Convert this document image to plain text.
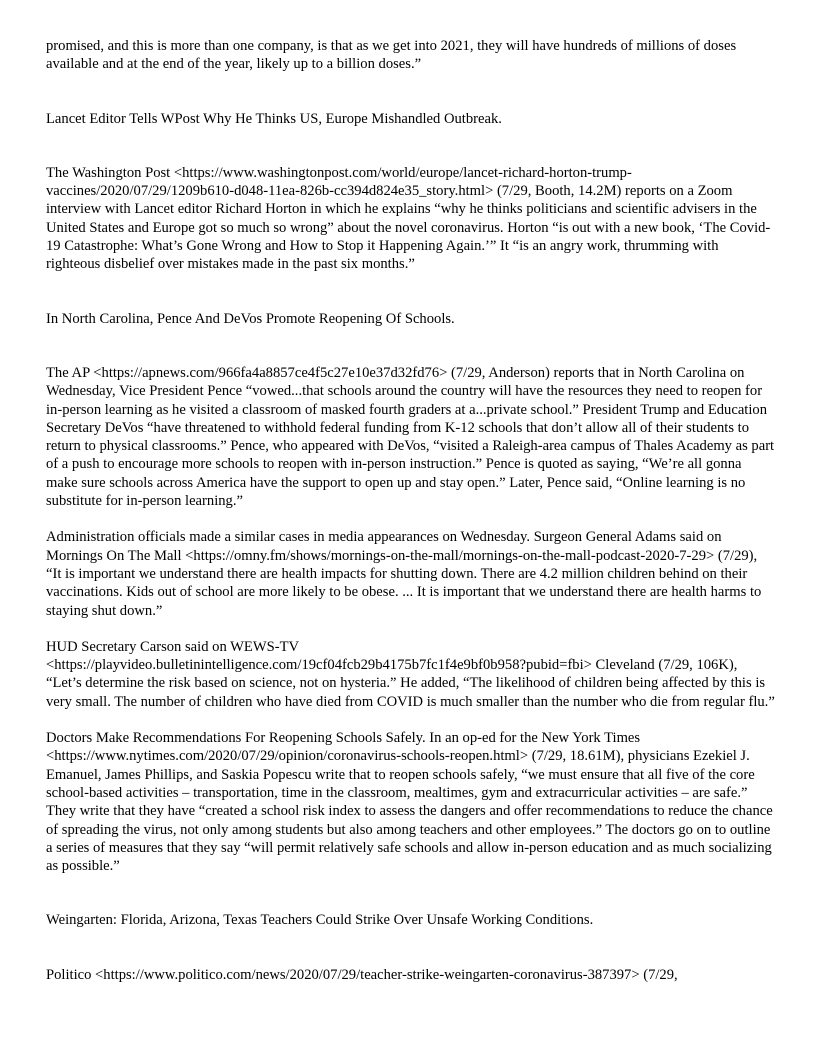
promised, and this is more than one company, is that as we get into 2021, they will have hundreds of millions of doses available and at the end of the year, likely up to a billion doses.”

Lancet Editor Tells WPost Why He Thinks US, Europe Mishandled Outbreak.

The Washington Post <https://www.washingtonpost.com/world/europe/lancet-richard-horton-trump-vaccines/2020/07/29/1209b610-d048-11ea-826b-cc394d824e35_story.html> (7/29, Booth, 14.2M) reports on a Zoom interview with Lancet editor Richard Horton in which he explains “why he thinks politicians and scientific advisers in the United States and Europe got so much so wrong” about the novel coronavirus. Horton “is out with a new book, ‘The Covid-19 Catastrophe: What’s Gone Wrong and How to Stop it Happening Again.’” It “is an angry work, thrumming with righteous disbelief over mistakes made in the past six months.”

In North Carolina, Pence And DeVos Promote Reopening Of Schools.

The AP <https://apnews.com/966fa4a8857ce4f5c27e10e37d32fd76> (7/29, Anderson) reports that in North Carolina on Wednesday, Vice President Pence “vowed...that schools around the country will have the resources they need to reopen for in-person learning as he visited a classroom of masked fourth graders at a...private school.” President Trump and Education Secretary DeVos “have threatened to withhold federal funding from K-12 schools that don’t allow all of their students to return to physical classrooms.” Pence, who appeared with DeVos, “visited a Raleigh-area campus of Thales Academy as part of a push to encourage more schools to reopen with in-person instruction.” Pence is quoted as saying, “We’re all gonna make sure schools across America have the support to open up and stay open.” Later, Pence said, “Online learning is no substitute for in-person learning.”

Administration officials made a similar cases in media appearances on Wednesday. Surgeon General Adams said on Mornings On The Mall <https://omny.fm/shows/mornings-on-the-mall/mornings-on-the-mall-podcast-2020-7-29> (7/29), “It is important we understand there are health impacts for shutting down. There are 4.2 million children behind on their vaccinations. Kids out of school are more likely to be obese. ... It is important that we understand there are health harms to staying shut down.”

HUD Secretary Carson said on WEWS-TV <https://playvideo.bulletinintelligence.com/19cf04fcb29b4175b7fc1f4e9bf0b958?pubid=fbi> Cleveland (7/29, 106K), “Let’s determine the risk based on science, not on hysteria.” He added, “The likelihood of children being affected by this is very small. The number of children who have died from COVID is much smaller than the number who die from regular flu.”

Doctors Make Recommendations For Reopening Schools Safely. In an op-ed for the New York Times <https://www.nytimes.com/2020/07/29/opinion/coronavirus-schools-reopen.html> (7/29, 18.61M), physicians Ezekiel J. Emanuel, James Phillips, and Saskia Popescu write that to reopen schools safely, “we must ensure that all five of the core school-based activities – transportation, time in the classroom, mealtimes, gym and extracurricular activities – are safe.” They write that they have “created a school risk index to assess the dangers and offer recommendations to reduce the chance of spreading the virus, not only among students but also among teachers and other employees.” The doctors go on to outline a series of measures that they say “will permit relatively safe schools and allow in-person education and as much socializing as possible.”

Weingarten: Florida, Arizona, Texas Teachers Could Strike Over Unsafe Working Conditions.

Politico <https://www.politico.com/news/2020/07/29/teacher-strike-weingarten-coronavirus-387397> (7/29,
